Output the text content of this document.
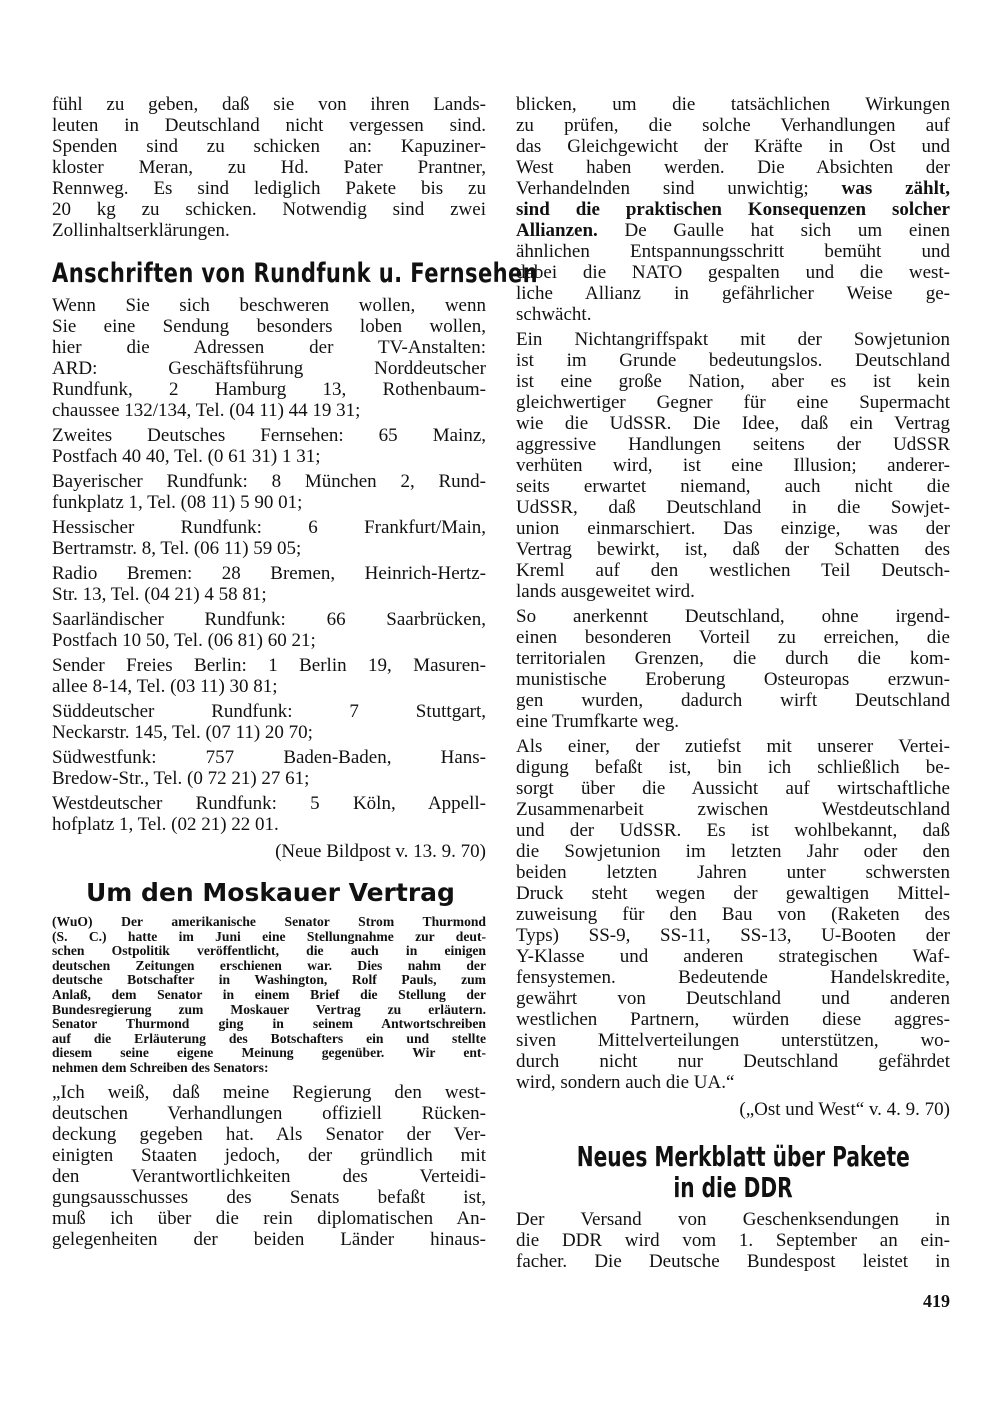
fühl zu geben, daß sie von ihren Lands-
leuten in Deutschland nicht vergessen sind.
Spenden sind zu schicken an: Kapuziner-
kloster Meran, zu Hd. Pater Prantner,
Rennweg. Es sind lediglich Pakete bis zu
20 kg zu schicken. Notwendig sind zwei
Zollinhaltserklärungen.
Anschriften von Rundfunk u. Fernsehen
Wenn Sie sich beschweren wollen, wenn
Sie eine Sendung besonders loben wollen,
hier die Adressen der TV-Anstalten:
ARD: Geschäftsführung Norddeutscher
Rundfunk, 2 Hamburg 13, Rothenbaum-
chaussee 132/134, Tel. (04 11) 44 19 31;
Zweites Deutsches Fernsehen: 65 Mainz,
Postfach 40 40, Tel. (0 61 31) 1 31;
Bayerischer Rundfunk: 8 München 2, Rund-
funkplatz 1, Tel. (08 11) 5 90 01;
Hessischer Rundfunk: 6 Frankfurt/Main,
Bertramstr. 8, Tel. (06 11) 59 05;
Radio Bremen: 28 Bremen, Heinrich-Hertz-
Str. 13, Tel. (04 21) 4 58 81;
Saarländischer Rundfunk: 66 Saarbrücken,
Postfach 10 50, Tel. (06 81) 60 21;
Sender Freies Berlin: 1 Berlin 19, Masuren-
allee 8-14, Tel. (03 11) 30 81;
Süddeutscher Rundfunk: 7 Stuttgart,
Neckarstr. 145, Tel. (07 11) 20 70;
Südwestfunk: 757 Baden-Baden, Hans-
Bredow-Str., Tel. (0 72 21) 27 61;
Westdeutscher Rundfunk: 5 Köln, Appell-
hofplatz 1, Tel. (02 21) 22 01.
(Neue Bildpost v. 13. 9. 70)
Um den Moskauer Vertrag
(WuO) Der amerikanische Senator Strom Thurmond
(S. C.) hatte im Juni eine Stellungnahme zur deut-
schen Ostpolitik veröffentlicht, die auch in einigen
deutschen Zeitungen erschienen war. Dies nahm der
deutsche Botschafter in Washington, Rolf Pauls, zum
Anlaß, dem Senator in einem Brief die Stellung der
Bundesregierung zum Moskauer Vertrag zu erläutern.
Senator Thurmond ging in seinem Antwortschreiben
auf die Erläuterung des Botschafters ein und stellte
diesem seine eigene Meinung gegenüber. Wir ent-
nehmen dem Schreiben des Senators:
„Ich weiß, daß meine Regierung den west-
deutschen Verhandlungen offiziell Rücken-
deckung gegeben hat. Als Senator der Ver-
einigten Staaten jedoch, der gründlich mit
den Verantwortlichkeiten des Verteidi-
gungsausschusses des Senats befaßt ist,
muß ich über die rein diplomatischen An-
gelegenheiten der beiden Länder hinaus-
blicken, um die tatsächlichen Wirkungen
zu prüfen, die solche Verhandlungen auf
das Gleichgewicht der Kräfte in Ost und
West haben werden. Die Absichten der
Verhandelnden sind unwichtig; was zählt,
sind die praktischen Konsequenzen solcher
Allianzen. De Gaulle hat sich um einen
ähnlichen Entspannungsschritt bemüht und
dabei die NATO gespalten und die west-
liche Allianz in gefährlicher Weise ge-
schwächt.
Ein Nichtangriffspakt mit der Sowjetunion
ist im Grunde bedeutungslos. Deutschland
ist eine große Nation, aber es ist kein
gleichwertiger Gegner für eine Supermacht
wie die UdSSR. Die Idee, daß ein Vertrag
aggressive Handlungen seitens der UdSSR
verhüten wird, ist eine Illusion; anderer-
seits erwartet niemand, auch nicht die
UdSSR, daß Deutschland in die Sowjet-
union einmarschiert. Das einzige, was der
Vertrag bewirkt, ist, daß der Schatten des
Kreml auf den westlichen Teil Deutsch-
lands ausgeweitet wird.
So anerkennt Deutschland, ohne irgend-
einen besonderen Vorteil zu erreichen, die
territorialen Grenzen, die durch die kom-
munistische Eroberung Osteuropas erzwun-
gen wurden, dadurch wirft Deutschland
eine Trumfkarte weg.
Als einer, der zutiefst mit unserer Vertei-
digung befaßt ist, bin ich schließlich be-
sorgt über die Aussicht auf wirtschaftliche
Zusammenarbeit zwischen Westdeutschland
und der UdSSR. Es ist wohlbekannt, daß
die Sowjetunion im letzten Jahr oder den
beiden letzten Jahren unter schwersten
Druck steht wegen der gewaltigen Mittel-
zuweisung für den Bau von (Raketen des
Typs) SS-9, SS-11, SS-13, U-Booten der
Y-Klasse und anderen strategischen Waf-
fensystemen. Bedeutende Handelskredite,
gewährt von Deutschland und anderen
westlichen Partnern, würden diese aggres-
siven Mittelverteilungen unterstützen, wo-
durch nicht nur Deutschland gefährdet
wird, sondern auch die UA.“
(„Ost und West“ v. 4. 9. 70)
Neues Merkblatt über Pakete
in die DDR
Der Versand von Geschenksendungen in
die DDR wird vom 1. September an ein-
facher. Die Deutsche Bundespost leistet in
419
